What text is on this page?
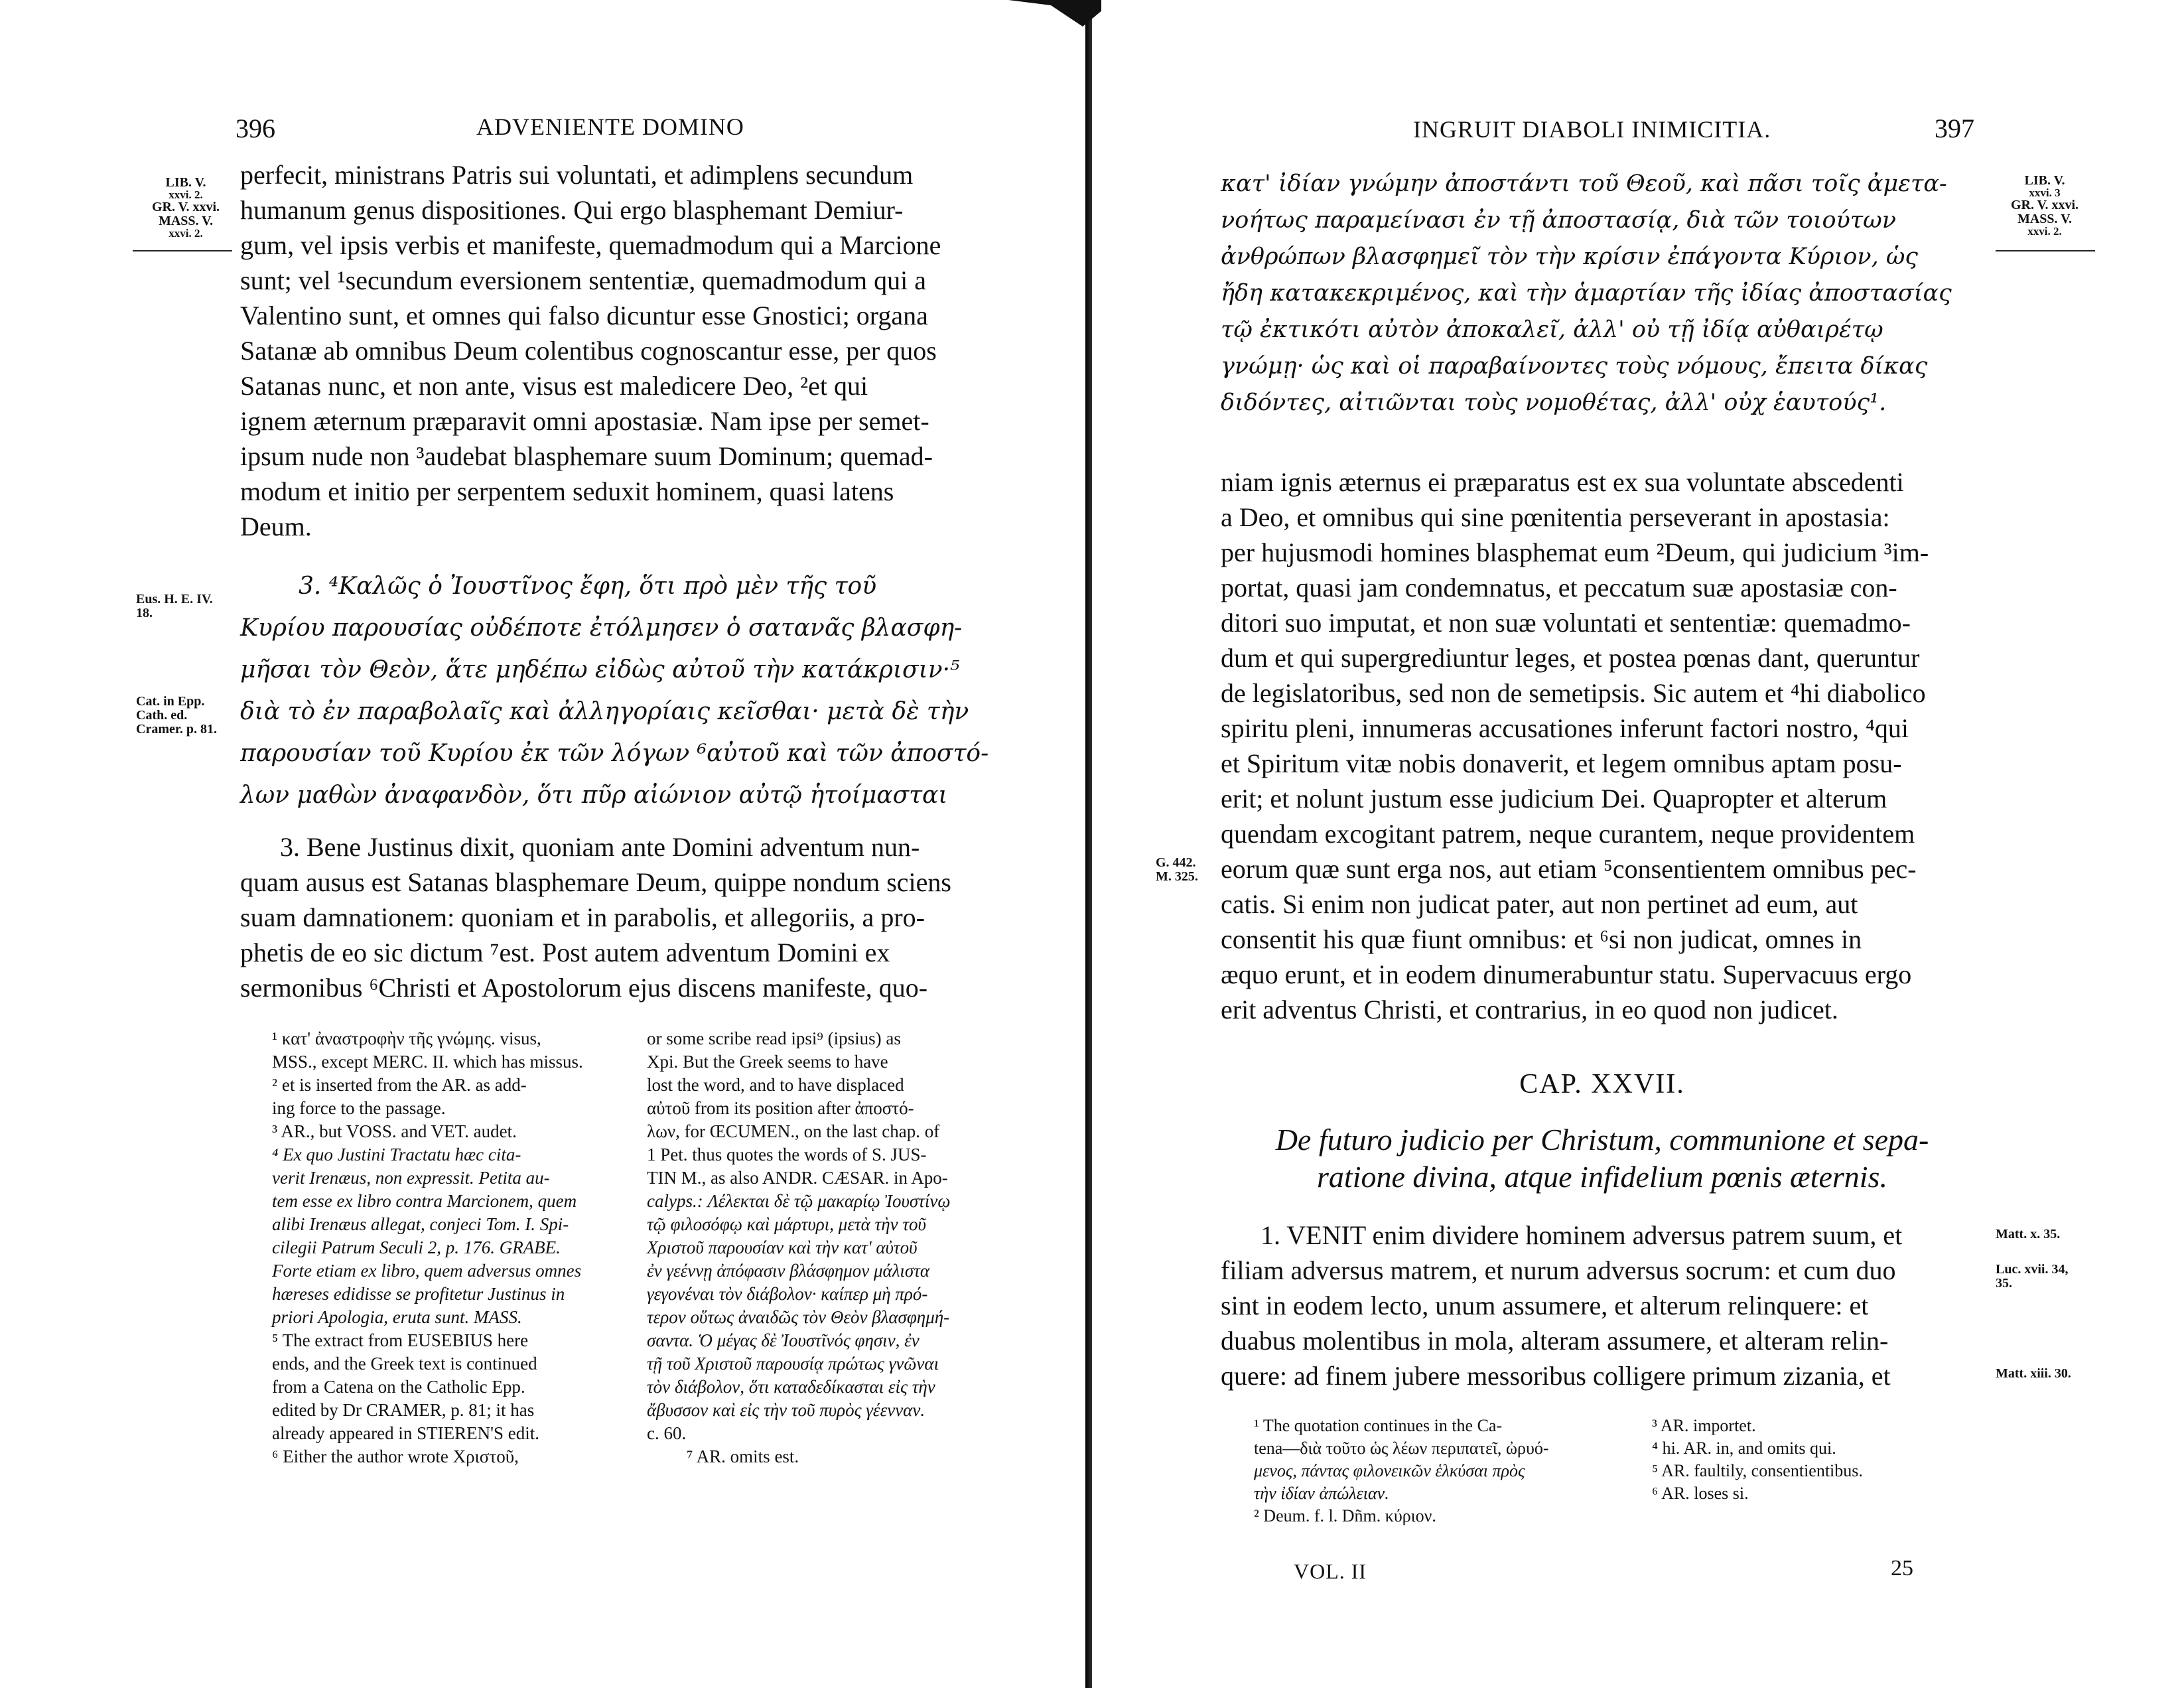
396	ADVENIENTE DOMINO
LIB. V.
xxvi. 2.
GR. V. xxvi.
MASS. V.
xxvi. 2.
perfecit, ministrans Patris sui voluntati, et adimplens secundum
humanum genus dispositiones. Qui ergo blasphemant Demiur-
gum, vel ipsis verbis et manifeste, quemadmodum qui a Marcione
sunt; vel ¹secundum eversionem sententiæ, quemadmodum qui a
Valentino sunt, et omnes qui falso dicuntur esse Gnostici; organa
Satanæ ab omnibus Deum colentibus cognoscantur esse, per quos
Satanas nunc, et non ante, visus est maledicere Deo, ²et qui
ignem æternum præparavit omni apostasiæ. Nam ipse per semet-
ipsum nude non ³audebat blasphemare suum Dominum; quemad-
modum et initio per serpentem seduxit hominem, quasi latens
Deum.
Eus. H. E. IV.
18.
Cat. in Epp.
Cath. ed.
Cramer. p. 81.
3. ⁴Καλῶς ὁ Ἰουστῖνος ἔφη, ὅτι πρὸ μὲν τῆς τοῦ
Κυρίου παρουσίας οὐδέποτε ἐτόλμησεν ὁ σατανᾶς βλασφη-
μῆσαι τὸν Θεὸν, ἅτε μηδέπω εἰδὼς αὐτοῦ τὴν κατάκρισιν·⁵
διὰ τὸ ἐν παραβολαῖς καὶ ἀλληγορίαις κεῖσθαι· μετὰ δὲ τὴν
παρουσίαν τοῦ Κυρίου ἐκ τῶν λόγων ⁶αὐτοῦ καὶ τῶν ἀποστό-
λων μαθὼν ἀναφανδὸν, ὅτι πῦρ αἰώνιον αὐτῷ ἡτοίμασται
3. Bene Justinus dixit, quoniam ante Domini adventum nun-
quam ausus est Satanas blasphemare Deum, quippe nondum sciens
suam damnationem: quoniam et in parabolis, et allegoriis, a pro-
phetis de eo sic dictum ⁷est. Post autem adventum Domini ex
sermonibus ⁶Christi et Apostolorum ejus discens manifeste, quo-
¹ κατ' ἀναστροφὴν τῆς γνώμης. visus,
MSS., except MERC. II. which has missus.
² et is inserted from the AR. as add-
ing force to the passage.
³ AR., but VOSS. and VET. audet.
⁴ Ex quo Justini Tractatu hæc cita-
verit Irenæus, non expressit. Petita au-
tem esse ex libro contra Marcionem, quem
alibi Irenæus allegat, conjeci Tom. I. Spi-
cilegii Patrum Seculi 2, p. 176. GRABE.
Forte etiam ex libro, quem adversus omnes
hæreses edidisse se profitetur Justinus in
priori Apologia, eruta sunt. MASS.
⁵ The extract from EUSEBIUS here
ends, and the Greek text is continued
from a Catena on the Catholic Epp.
edited by Dr CRAMER, p. 81; it has
already appeared in STIEREN'S edit.
⁶ Either the author wrote Χριστοῦ,
or some scribe read ipsi⁹ (ipsius) as
Xpi. But the Greek seems to have
lost the word, and to have displaced
αὐτοῦ from its position after ἀποστό-
λων, for ŒCUMEN., on the last chap. of
1 Pet. thus quotes the words of S. JUS-
TIN M., as also ANDR. CÆSAR. in Apo-
calyps.: Λέλεκται δὲ τῷ μακαρίῳ Ἰουστίνῳ
τῷ φιλοσόφῳ καὶ μάρτυρι, μετὰ τὴν τοῦ
Χριστοῦ παρουσίαν καὶ τὴν κατ' αὐτοῦ
ἐν γεέννῃ ἀπόφασιν βλάσφημον μάλιστα
γεγονέναι τὸν διάβολον· καίπερ μὴ πρό-
τερον οὕτως ἀναιδῶς τὸν Θεὸν βλασφημή-
σαντα. Ὁ μέγας δὲ Ἰουστῖνός φησιν, ἐν
τῇ τοῦ Χριστοῦ παρουσίᾳ πρώτως γνῶναι
τὸν διάβολον, ὅτι καταδεδίκασται εἰς τὴν
ἄβυσσον καὶ εἰς τὴν τοῦ πυρὸς γέενναν.
c. 60.
⁷ AR. omits est.
INGRUIT DIABOLI INIMICITIA.	397
LIB. V.
xxvi. 3
GR. V. xxvi.
MASS. V.
xxvi. 2.
κατ' ἰδίαν γνώμην ἀποστάντι τοῦ Θεοῦ, καὶ πᾶσι τοῖς ἀμετα-
νοήτως παραμείνασι ἐν τῇ ἀποστασίᾳ, διὰ τῶν τοιούτων
ἀνθρώπων βλασφημεῖ τὸν τὴν κρίσιν ἐπάγοντα Κύριον, ὡς
ἤδη κατακεκριμένος, καὶ τὴν ἁμαρτίαν τῆς ἰδίας ἀποστασίας
τῷ ἐκτικότι αὐτὸν ἀποκαλεῖ, ἀλλ' οὐ τῇ ἰδίᾳ αὐθαιρέτῳ
γνώμῃ· ὡς καὶ οἱ παραβαίνοντες τοὺς νόμους, ἔπειτα δίκας
διδόντες, αἰτιῶνται τοὺς νομοθέτας, ἀλλ' οὐχ ἑαυτούς¹.
niam ignis æternus ei præparatus est ex sua voluntate abscedenti
a Deo, et omnibus qui sine pœnitentia perseverant in apostasia:
per hujusmodi homines blasphemat eum ²Deum, qui judicium ³im-
portat, quasi jam condemnatus, et peccatum suæ apostasiæ con-
ditori suo imputat, et non suæ voluntati et sententiæ: quemadmo-
dum et qui supergrediuntur leges, et postea pœnas dant, queruntur
de legislatoribus, sed non de semetipsis. Sic autem et ⁴hi diabolico
spiritu pleni, innumeras accusationes inferunt factori nostro, ⁴qui
et Spiritum vitæ nobis donaverit, et legem omnibus aptam posu-
erit; et nolunt justum esse judicium Dei. Quapropter et alterum
quendam excogitant patrem, neque curantem, neque providentem
eorum quæ sunt erga nos, aut etiam ⁵consentientem omnibus pec-
catis. Si enim non judicat pater, aut non pertinet ad eum, aut
consentit his quæ fiunt omnibus: et ⁶si non judicat, omnes in
æquo erunt, et in eodem dinumerabuntur statu. Supervacuus ergo
erit adventus Christi, et contrarius, in eo quod non judicet.
G. 442.
M. 325.
CAP. XXVII.
De futuro judicio per Christum, communione et sepa-
ratione divina, atque infidelium pœnis æternis.
1. VENIT enim dividere hominem adversus patrem suum, et
filiam adversus matrem, et nurum adversus socrum: et cum duo
sint in eodem lecto, unum assumere, et alterum relinquere: et
duabus molentibus in mola, alteram assumere, et alteram relin-
quere: ad finem jubere messoribus colligere primum zizania, et
Matt. x. 35.
Luc. xvii. 34,
35.
Matt. xiii. 30.
¹ The quotation continues in the Ca-
tena—διὰ τοῦτο ὡς λέων περιπατεῖ, ὠρυό-
μενος, πάντας φιλονεικῶν ἑλκύσαι πρὸς
τὴν ἰδίαν ἀπώλειαν.
² Deum. f. l. Dñm. κύριον.
³ AR. importet.
⁴ hi. AR. in, and omits qui.
⁵ AR. faultily, consentientibus.
⁶ AR. loses si.
VOL. II	25
